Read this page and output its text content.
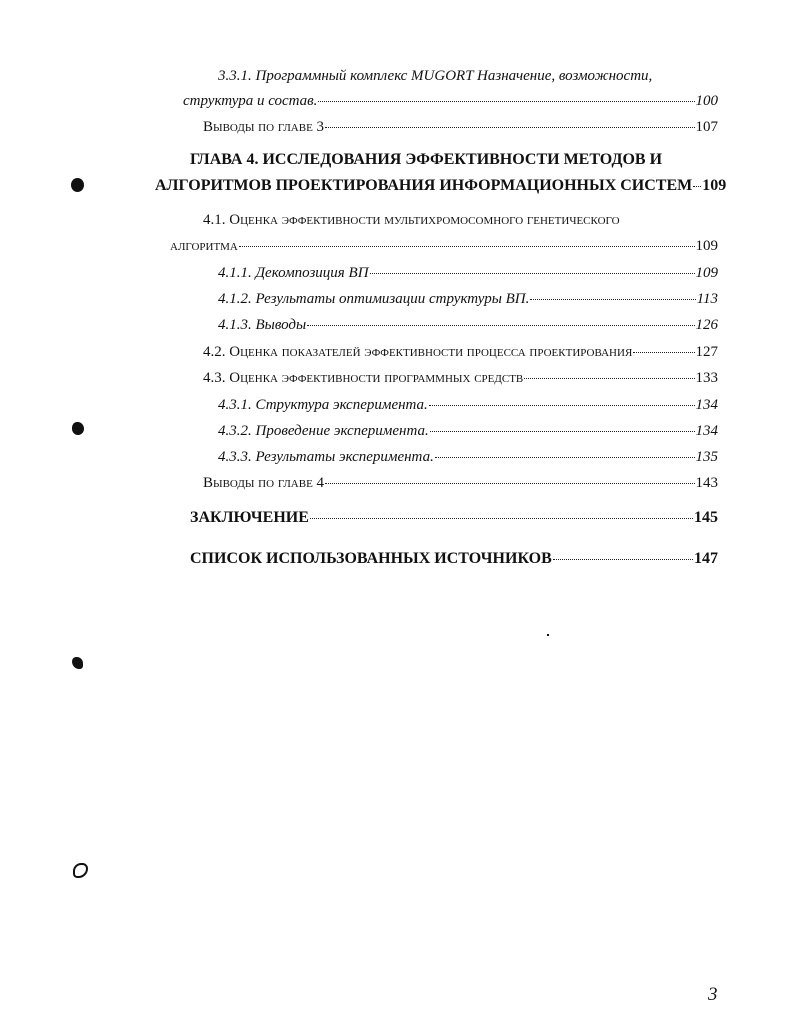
3.3.1. Программный комплекс MUGORT Назначение, возможности,
структура и состав.	100
Выводы по главе 3	107
ГЛАВА 4. ИССЛЕДОВАНИЯ ЭФФЕКТИВНОСТИ МЕТОДОВ И
АЛГОРИТМОВ ПРОЕКТИРОВАНИЯ ИНФОРМАЦИОННЫХ СИСТЕМ 109
4.1. Оценка эффективности мультихромосомного генетического
алгоритма	109
4.1.1. Декомпозиция ВП	109
4.1.2. Результаты оптимизации структуры ВП.	113
4.1.3. Выводы	126
4.2. Оценка показателей эффективности процесса проектирования	127
4.3. Оценка эффективности программных средств	133
4.3.1. Структура эксперимента.	134
4.3.2. Проведение эксперимента.	134
4.3.3. Результаты эксперимента.	135
Выводы по главе 4	143
ЗАКЛЮЧЕНИЕ	145
СПИСОК ИСПОЛЬЗОВАННЫХ ИСТОЧНИКОВ	147
3
